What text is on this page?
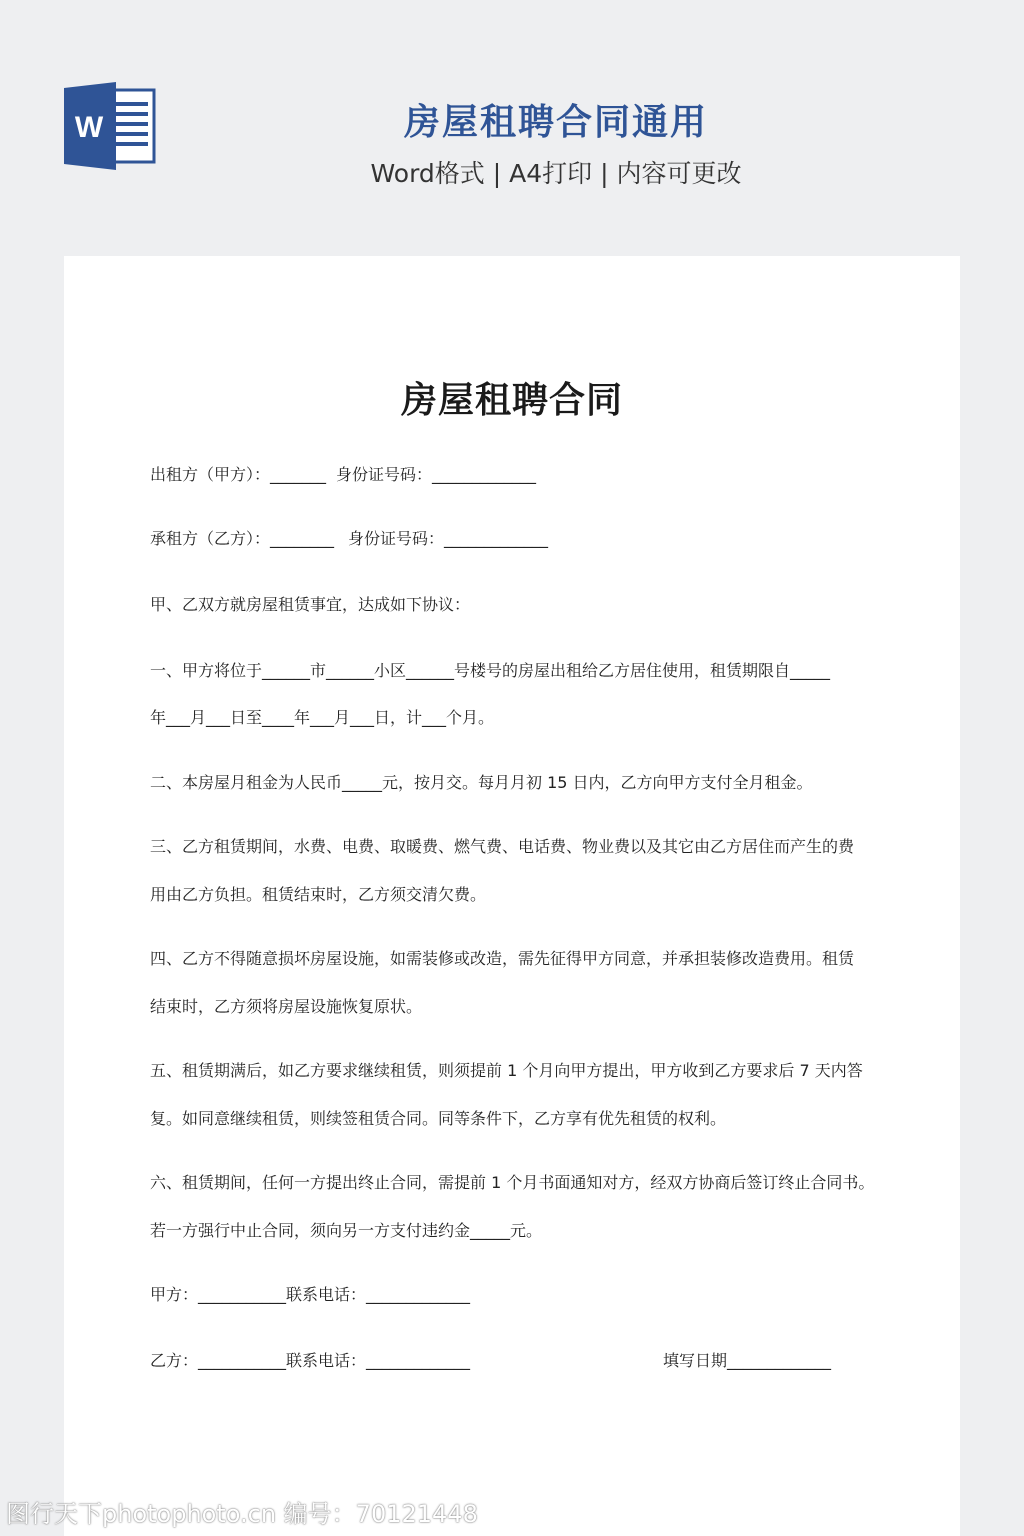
W	房屋租聘合同通用
Word格式 | A4打印 | 内容可更改
房屋租聘合同
出租方（甲方）：_______ 身份证号码：_____________
承租方（乙方）：________ 身份证号码：_____________
甲、乙双方就房屋租赁事宜，达成如下协议：
一、甲方将位于______市______小区______号楼号的房屋出租给乙方居住使用，租赁期限自_____
年___月___日至____年___月___日，计___个月。
二、本房屋月租金为人民币_____元，按月交。每月月初 15 日内，乙方向甲方支付全月租金。
三、乙方租赁期间，水费、电费、取暖费、燃气费、电话费、物业费以及其它由乙方居住而产生的费
用由乙方负担。租赁结束时，乙方须交清欠费。
四、乙方不得随意损坏房屋设施，如需装修或改造，需先征得甲方同意，并承担装修改造费用。租赁
结束时，乙方须将房屋设施恢复原状。
五、租赁期满后，如乙方要求继续租赁，则须提前 1 个月向甲方提出，甲方收到乙方要求后 7 天内答
复。如同意继续租赁，则续签租赁合同。同等条件下，乙方享有优先租赁的权利。
六、租赁期间，任何一方提出终止合同，需提前 1 个月书面通知对方，经双方协商后签订终止合同书。
若一方强行中止合同，须向另一方支付违约金_____元。
甲方：___________联系电话：_____________
乙方：___________联系电话：_____________	填写日期_____________
图行天下photophoto.cn 编号：70121448
